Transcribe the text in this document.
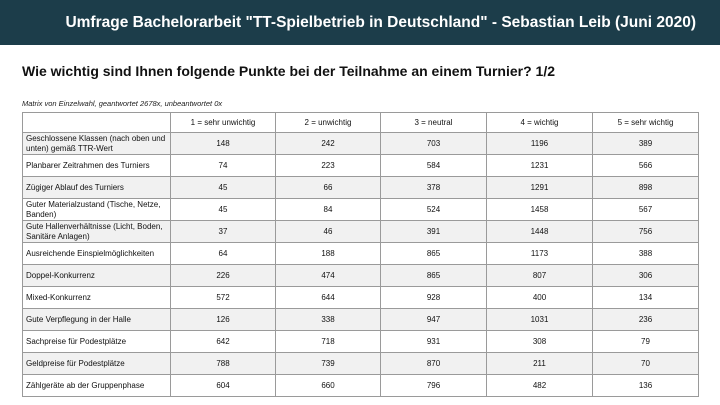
Umfrage Bachelorarbeit "TT-Spielbetrieb in Deutschland" - Sebastian Leib (Juni 2020)
Wie wichtig sind Ihnen folgende Punkte bei der Teilnahme an einem Turnier? 1/2
Matrix von Einzelwahl, geantwortet 2678x, unbeantwortet 0x
	1 = sehr unwichtig	2 = unwichtig	3 = neutral	4 = wichtig	5 = sehr wichtig
Geschlossene Klassen (nach oben und unten) gemäß TTR-Wert	148	242	703	1196	389
Planbarer Zeitrahmen des Turniers	74	223	584	1231	566
Zügiger Ablauf des Turniers	45	66	378	1291	898
Guter Materialzustand (Tische, Netze, Banden)	45	84	524	1458	567
Gute Hallenverhältnisse (Licht, Boden, Sanitäre Anlagen)	37	46	391	1448	756
Ausreichende Einspielmöglichkeiten	64	188	865	1173	388
Doppel-Konkurrenz	226	474	865	807	306
Mixed-Konkurrenz	572	644	928	400	134
Gute Verpflegung in der Halle	126	338	947	1031	236
Sachpreise für Podestplätze	642	718	931	308	79
Geldpreise für Podestplätze	788	739	870	211	70
Zählgeräte ab der Gruppenphase	604	660	796	482	136
